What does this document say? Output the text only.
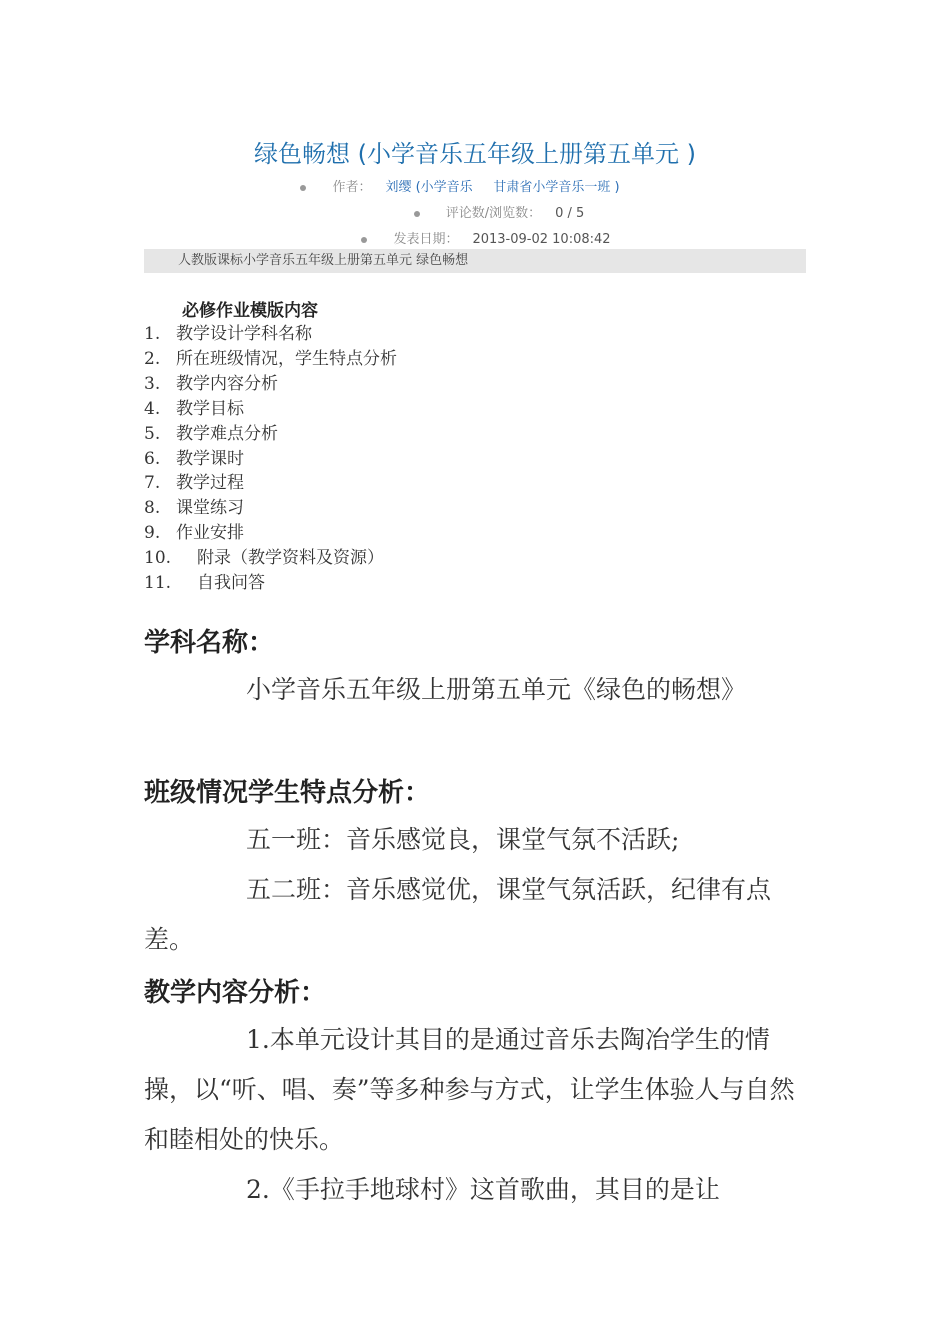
绿色畅想 (小学音乐五年级上册第五单元 )
作者： 刘缨 (小学音乐 甘肃省小学音乐一班 )
评论数/浏览数： 0 / 5
发表日期： 2013-09-02 10:08:42
人教版课标小学音乐五年级上册第五单元 绿色畅想
必修作业模版内容
1. 教学设计学科名称
2. 所在班级情况，学生特点分析
3. 教学内容分析
4. 教学目标
5. 教学难点分析
6. 教学课时
7. 教学过程
8. 课堂练习
9. 作业安排
10. 附录（教学资料及资源）
11. 自我问答
学科名称：

小学音乐五年级上册第五单元《绿色的畅想》

班级情况学生特点分析：

五一班：音乐感觉良，课堂气氛不活跃;

五二班：音乐感觉优，课堂气氛活跃，纪律有点差。

教学内容分析：

1.本单元设计其目的是通过音乐去陶冶学生的情操，以“听、唱、奏”等多种参与方式，让学生体验人与自然和睦相处的快乐。

2.《手拉手地球村》这首歌曲，其目的是让
